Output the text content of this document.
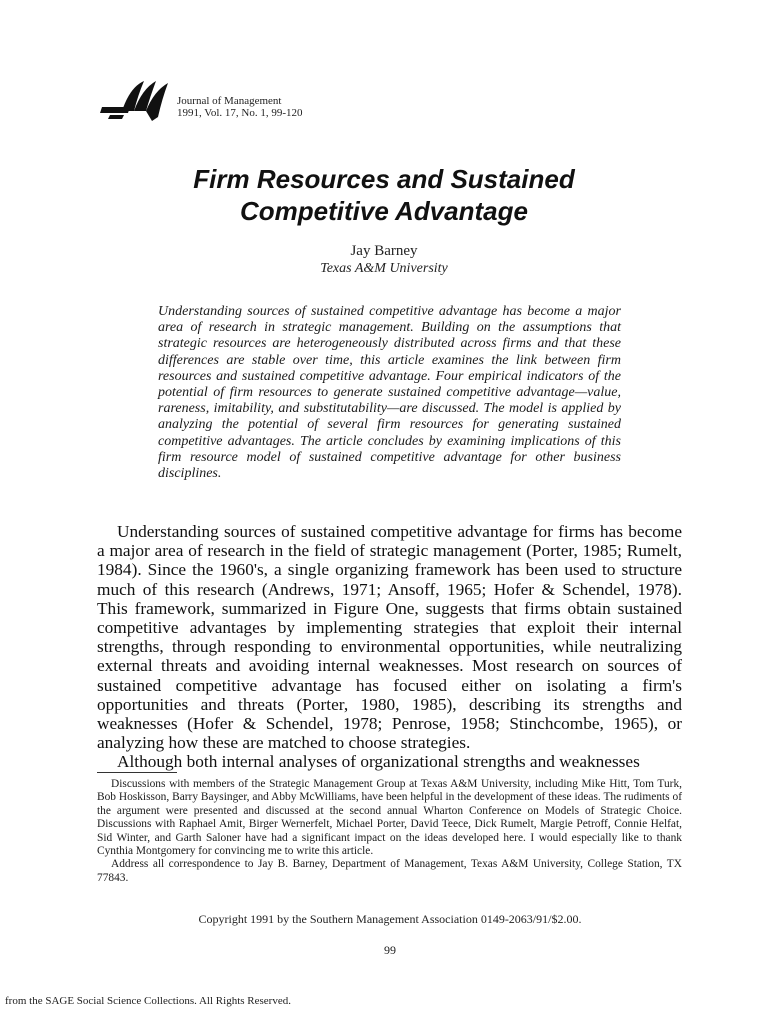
Journal of Management
1991, Vol. 17, No. 1, 99-120
Firm Resources and Sustained
Competitive Advantage
Jay Barney
Texas A&M University
Understanding sources of sustained competitive advantage has become a major area of research in strategic management. Building on the assumptions that strategic resources are heterogeneously distributed across firms and that these differences are stable over time, this article examines the link between firm resources and sustained competitive advantage. Four empirical indicators of the potential of firm resources to generate sustained competitive advantage—value, rareness, imitability, and substitutability—are discussed. The model is applied by analyzing the potential of several firm resources for generating sustained competitive advantages. The article concludes by examining implications of this firm resource model of sustained competitive advantage for other business disciplines.

Understanding sources of sustained competitive advantage for firms has become a major area of research in the field of strategic management (Porter, 1985; Rumelt, 1984). Since the 1960's, a single organizing framework has been used to structure much of this research (Andrews, 1971; Ansoff, 1965; Hofer & Schendel, 1978). This framework, summarized in Figure One, suggests that firms obtain sustained competitive advantages by implementing strategies that exploit their internal strengths, through responding to environmental opportunities, while neutralizing external threats and avoiding internal weaknesses. Most research on sources of sustained competitive advantage has focused either on isolating a firm's opportunities and threats (Porter, 1980, 1985), describing its strengths and weaknesses (Hofer & Schendel, 1978; Penrose, 1958; Stinchcombe, 1965), or analyzing how these are matched to choose strategies.

Although both internal analyses of organizational strengths and weaknesses

Discussions with members of the Strategic Management Group at Texas A&M University, including Mike Hitt, Tom Turk, Bob Hoskisson, Barry Baysinger, and Abby McWilliams, have been helpful in the development of these ideas. The rudiments of the argument were presented and discussed at the second annual Wharton Conference on Models of Strategic Choice. Discussions with Raphael Amit, Birger Wernerfelt, Michael Porter, David Teece, Dick Rumelt, Margie Petroff, Connie Helfat, Sid Winter, and Garth Saloner have had a significant impact on the ideas developed here. I would especially like to thank Cynthia Montgomery for convincing me to write this article.

Address all correspondence to Jay B. Barney, Department of Management, Texas A&M University, College Station, TX 77843.

Copyright 1991 by the Southern Management Association 0149-2063/91/$2.00.
99
from the SAGE Social Science Collections. All Rights Reserved.
